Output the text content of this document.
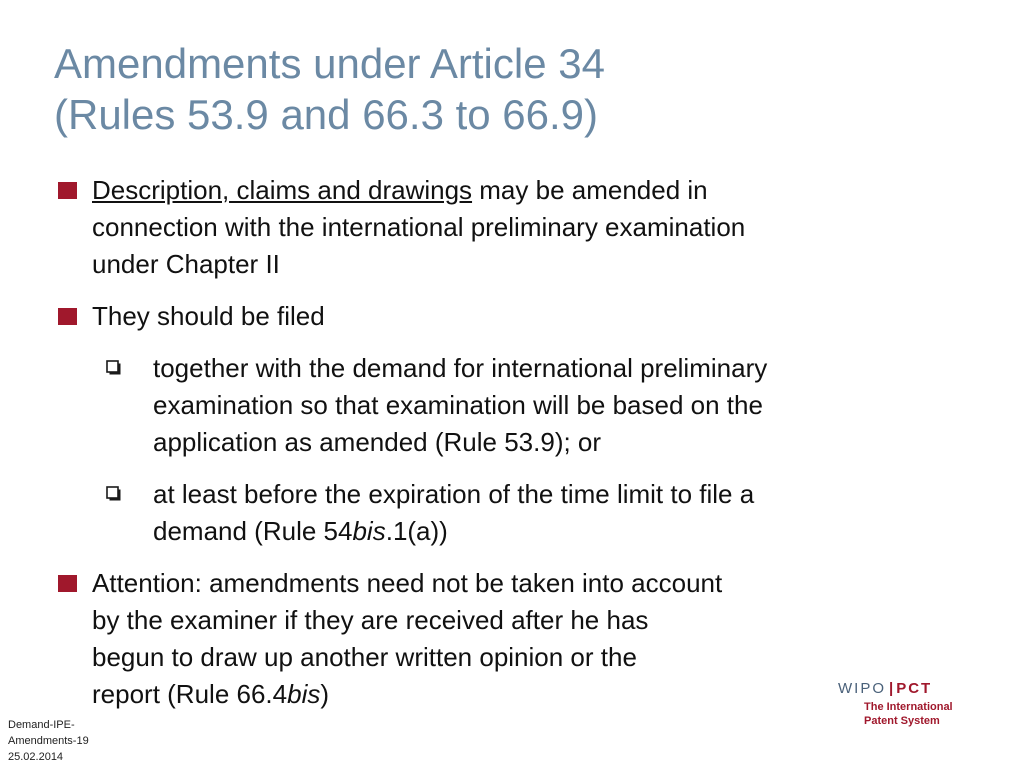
Amendments under Article 34
(Rules 53.9 and 66.3 to 66.9)
Description, claims and drawings may be amended in
connection with the international preliminary examination
under Chapter II
They should be filed
together with the demand for international preliminary
examination so that examination will be based on the
application as amended (Rule 53.9); or
at least before the expiration of the time limit to file a
demand (Rule 54bis.1(a))
Attention: amendments need not be taken into account
by the examiner if they are received after he has
begun to draw up another written opinion or the
report (Rule 66.4bis)
Demand-IPE-
Amendments-19
25.02.2014
WIPO | PCT
The International
Patent System
